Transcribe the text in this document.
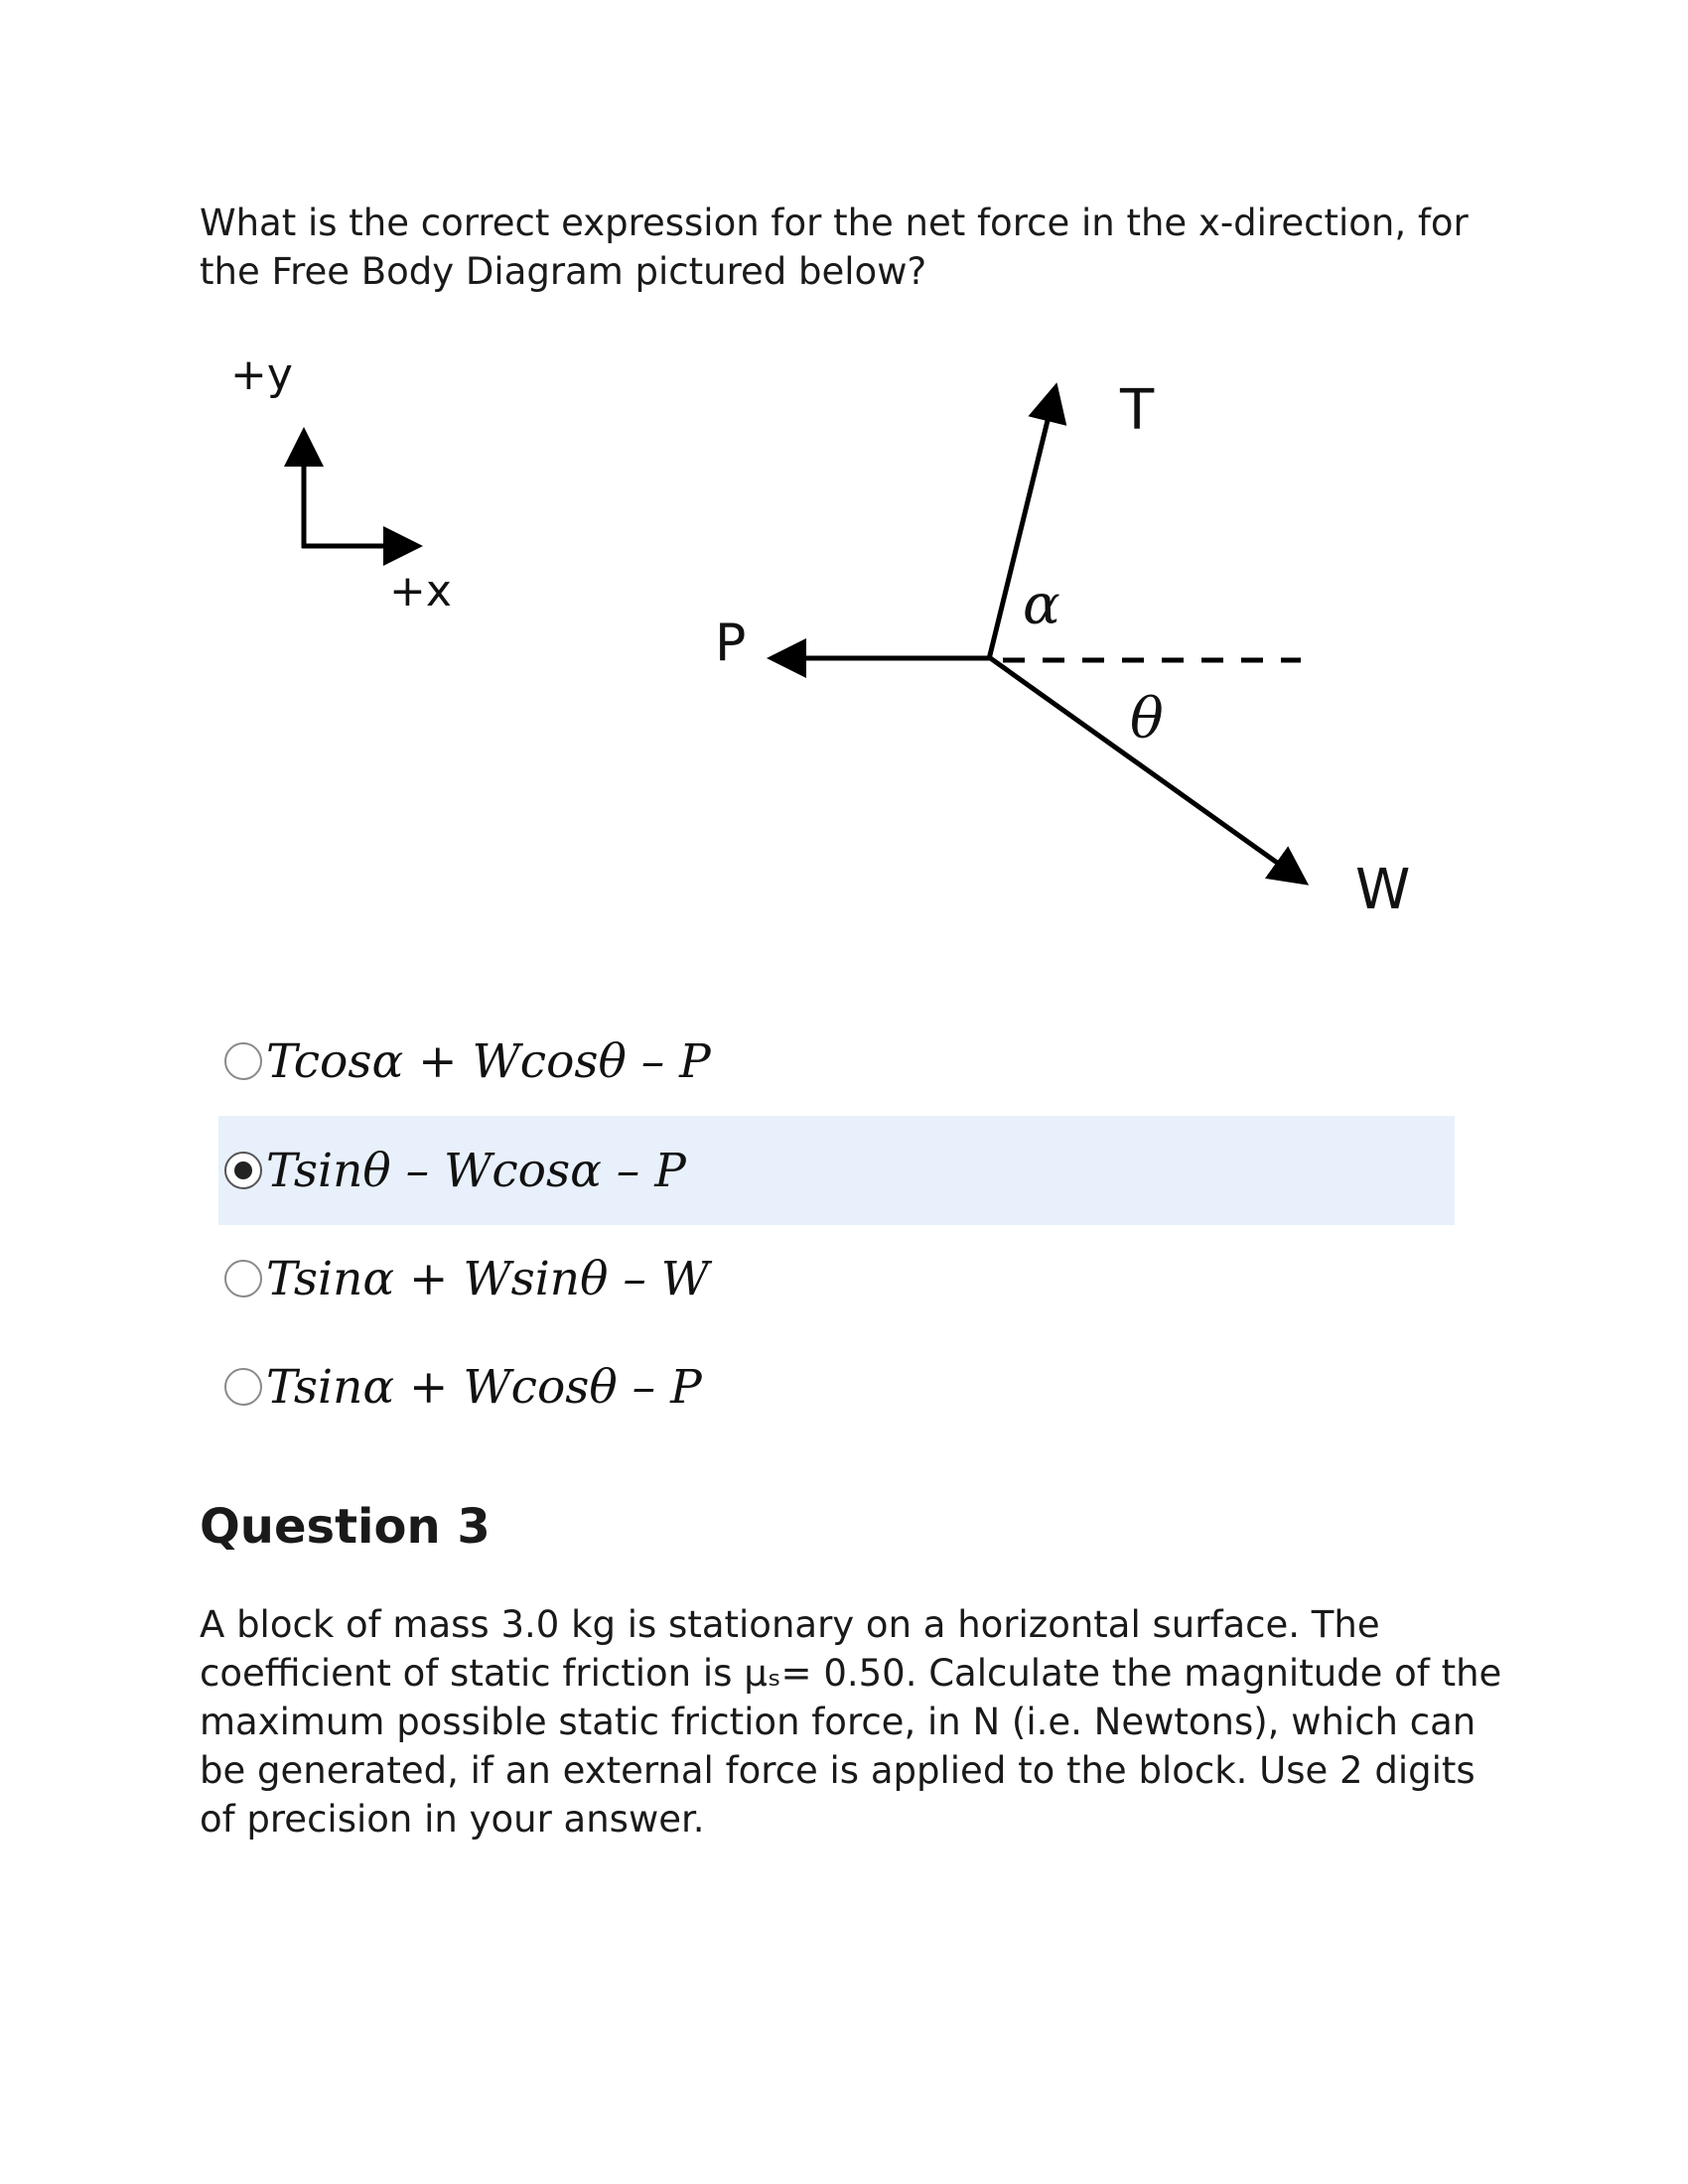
What is the correct expression for the net force in the x-direction, for the Free Body Diagram pictured below?

+y
+x
P
T
W
α
θ
Tcosα + Wcosθ – P
Tsinθ – Wcosα – P
Tsinα + Wsinθ – W
Tsinα + Wcosθ – P
Question 3

A block of mass 3.0 kg is stationary on a horizontal surface. The coefficient of static friction is μₛ= 0.50. Calculate the magnitude of the maximum possible static friction force, in N (i.e. Newtons), which can be generated, if an external force is applied to the block. Use 2 digits of precision in your answer.
